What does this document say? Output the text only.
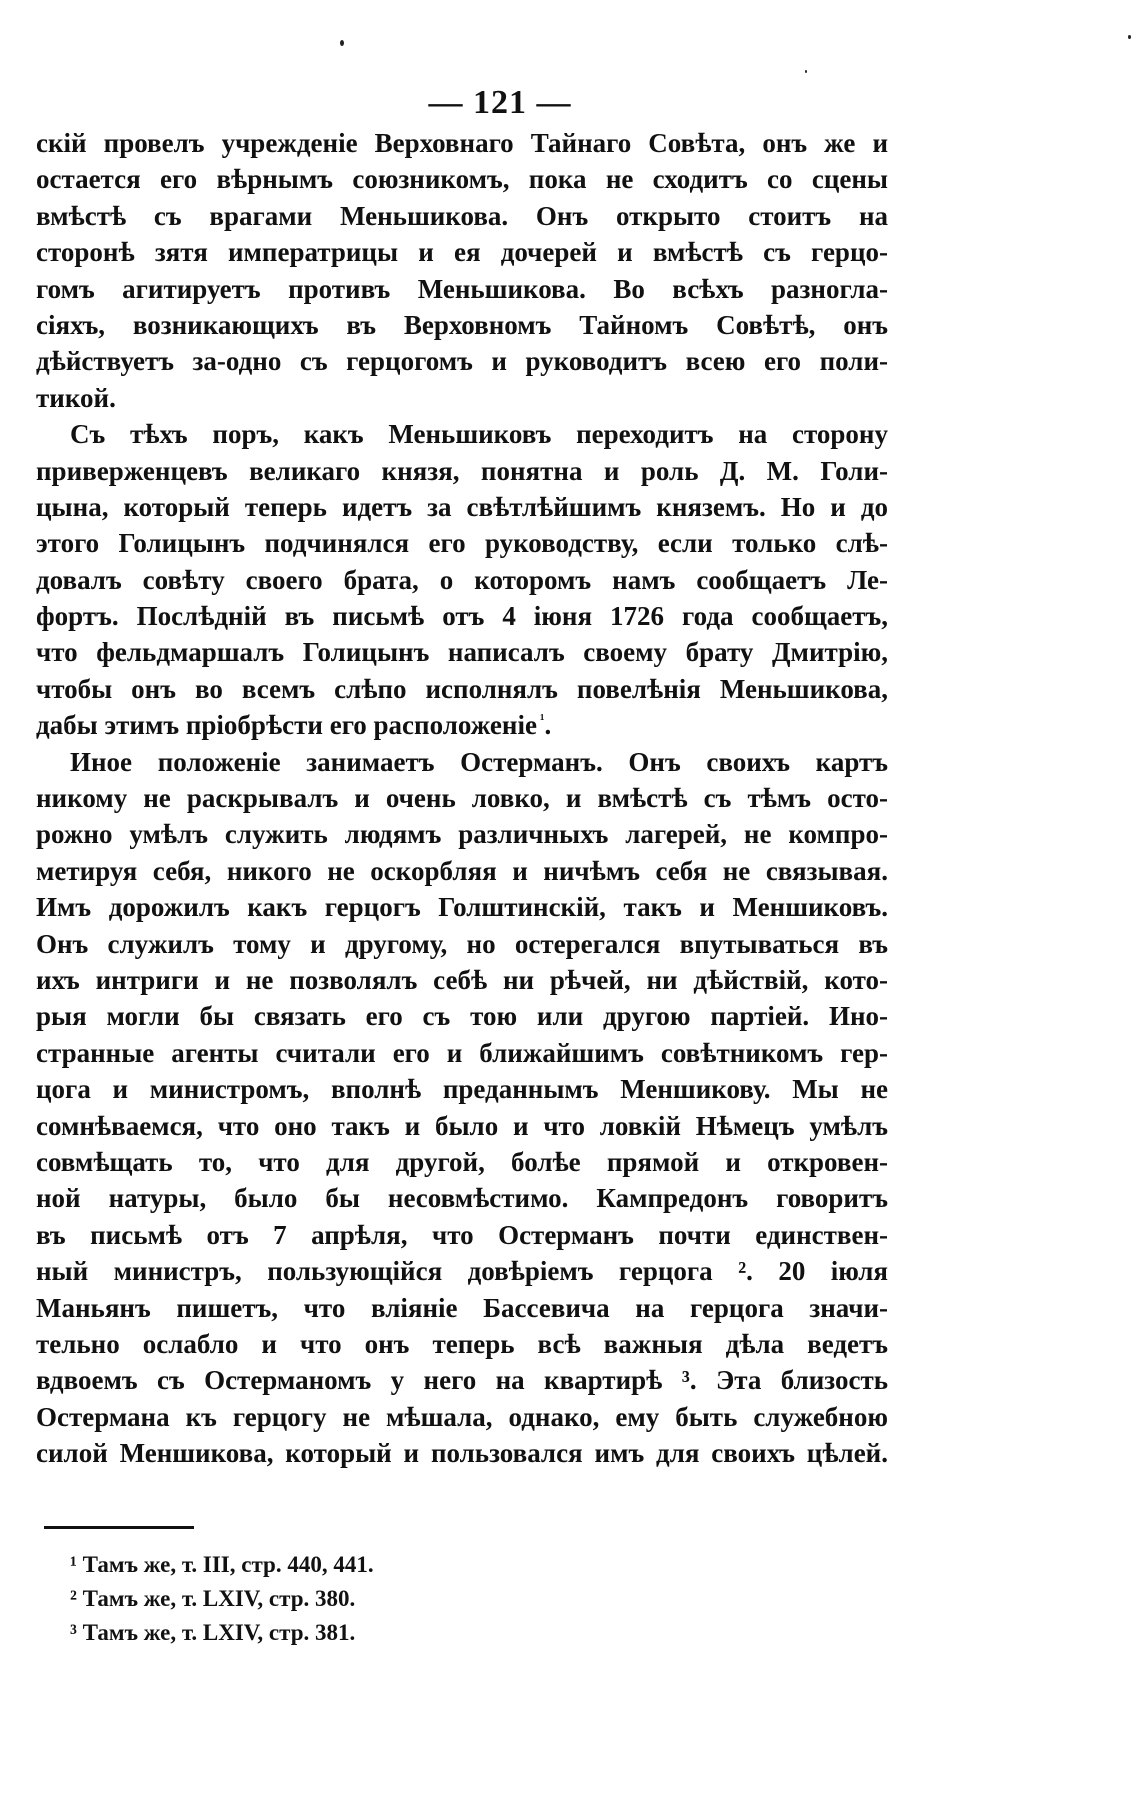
— 121 —
скій провелъ учрежденіе Верховнаго Тайнаго Совѣта, онъ же и
остается его вѣрнымъ союзникомъ, пока не сходитъ со сцены
вмѣстѣ съ врагами Меньшикова. Онъ открыто стоитъ на
сторонѣ зятя императрицы и ея дочерей и вмѣстѣ съ герцо-
гомъ агитируетъ противъ Меньшикова. Во всѣхъ разногла-
сіяхъ, возникающихъ въ Верховномъ Тайномъ Совѣтѣ, онъ
дѣйствуетъ за-одно съ герцогомъ и руководитъ всею его поли-
тикой.
Съ тѣхъ поръ, какъ Меньшиковъ переходитъ на сторону
приверженцевъ великаго князя, понятна и роль Д. М. Голи-
цына, который теперь идетъ за свѣтлѣйшимъ княземъ. Но и до
этого Голицынъ подчинялся его руководству, если только слѣ-
довалъ совѣту своего брата, о которомъ намъ сообщаетъ Ле-
фортъ. Послѣдній въ письмѣ отъ 4 іюня 1726 года сообщаетъ,
что фельдмаршалъ Голицынъ написалъ своему брату Дмитрію,
чтобы онъ во всемъ слѣпо исполнялъ повелѣнія Меньшикова,
дабы этимъ пріобрѣсти его расположеніе $^{^1}$.
Иное положеніе занимаетъ Остерманъ. Онъ своихъ картъ
никому не раскрывалъ и очень ловко, и вмѣстѣ съ тѣмъ осто-
рожно умѣлъ служить людямъ различныхъ лагерей, не компро-
метируя себя, никого не оскорбляя и ничѣмъ себя не связывая.
Имъ дорожилъ какъ герцогъ Голштинскій, такъ и Меншиковъ.
Онъ служилъ тому и другому, но остерегался впутываться въ
ихъ интриги и не позволялъ себѣ ни рѣчей, ни дѣйствій, кото-
рыя могли бы связать его съ тою или другою партіей. Ино-
странные агенты считали его и ближайшимъ совѣтникомъ гер-
цога и министромъ, вполнѣ преданнымъ Меншикову. Мы не
сомнѣваемся, что оно такъ и было и что ловкій Нѣмецъ умѣлъ
совмѣщать то, что для другой, болѣе прямой и откровен-
ной натуры, было бы несовмѣстимо. Кампредонъ говоритъ
въ письмѣ отъ 7 апрѣля, что Остерманъ почти единствен-
ный министръ, пользующійся довѣріемъ герцога ². 20 іюля
Маньянъ пишетъ, что вліяніе Бассевича на герцога значи-
тельно ослабло и что онъ теперь всѣ важныя дѣла ведетъ
вдвоемъ съ Остерманомъ у него на квартирѣ ³. Эта близость
Остермана къ герцогу не мѣшала, однако, ему быть служебною
силой Меншикова, который и пользовался имъ для своихъ цѣлей.
¹ Тамъ же, т. III, стр. 440, 441.
² Тамъ же, т. LXIV, стр. 380.
³ Тамъ же, т. LXIV, стр. 381.
